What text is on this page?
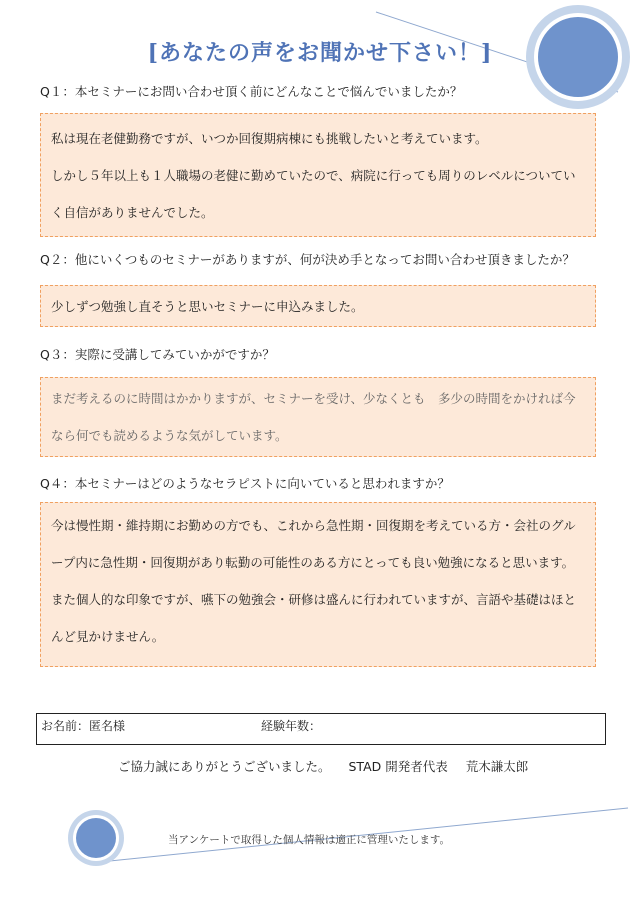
[あなたの声をお聞かせ下さい！]
Q１：本セミナーにお問い合わせ頂く前にどんなことで悩んでいましたか？

私は現在老健勤務ですが、いつか回復期病棟にも挑戦したいと考えています。

しかし５年以上も１人職場の老健に勤めていたので、病院に行っても周りのレベルについてい

く自信がありませんでした。

Q２：他にいくつものセミナーがありますが、何が決め手となってお問い合わせ頂きましたか？

少しずつ勉強し直そうと思いセミナーに申込みました。

Q３：実際に受講してみていかがですか？

まだ考えるのに時間はかかりますが、セミナーを受け、少なくとも　多少の時間をかければ今

なら何でも読めるような気がしています。

Q４：本セミナーはどのようなセラピストに向いていると思われますか？

今は慢性期・維持期にお勤めの方でも、これから急性期・回復期を考えている方・会社のグル

ープ内に急性期・回復期があり転勤の可能性のある方にとっても良い勉強になると思います。

また個人的な印象ですが、嚥下の勉強会・研修は盛んに行われていますが、言語や基礎はほと

んど見かけません。

お名前：匿名様	経験年数：
ご協力誠にありがとうございました。 STAD 開発者代表 荒木謙太郎
当アンケートで取得した個人情報は適正に管理いたします。
